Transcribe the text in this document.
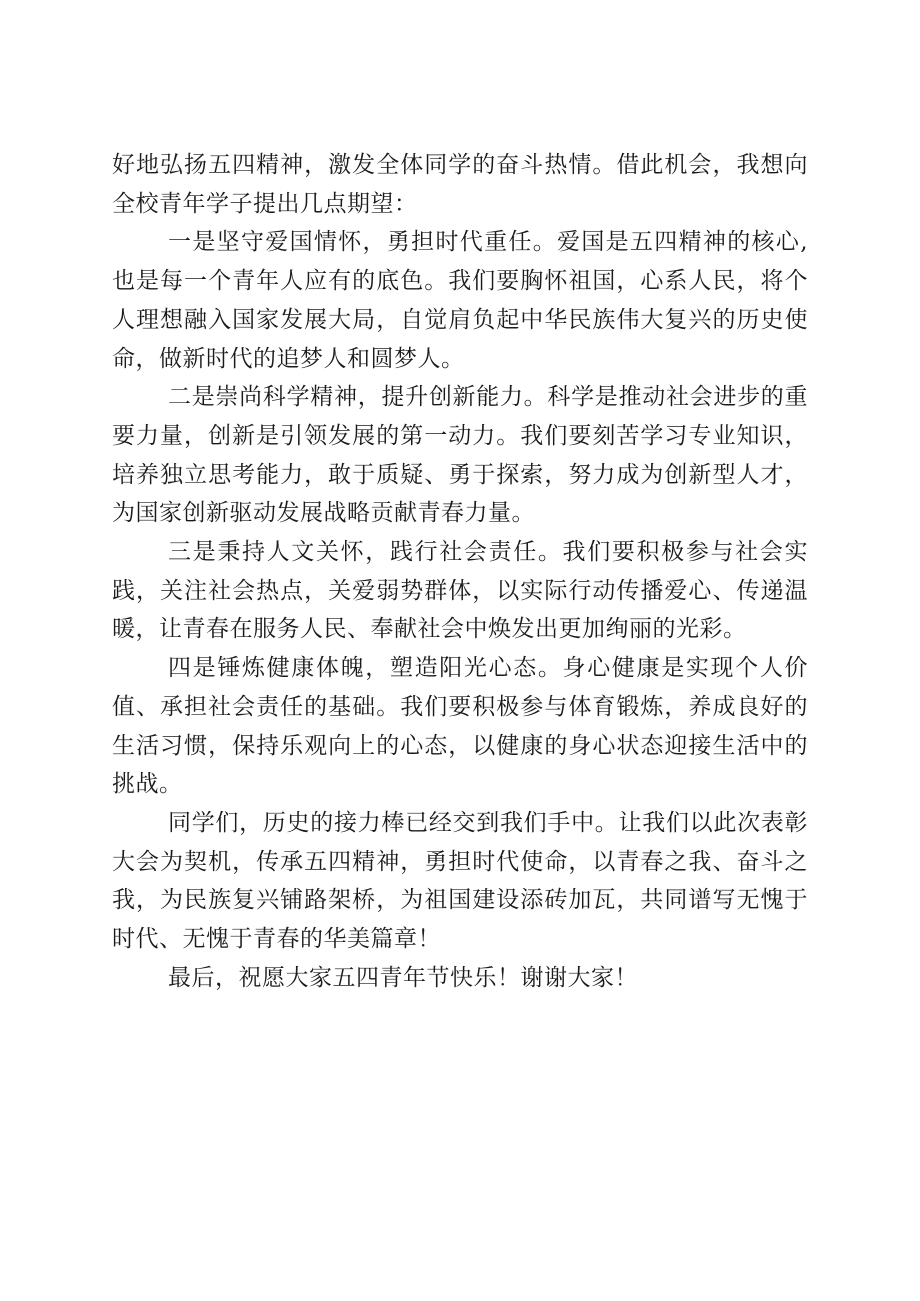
好地弘扬五四精神，激发全体同学的奋斗热情。借此机会，我想向全校青年学子提出几点期望：

一是坚守爱国情怀，勇担时代重任。爱国是五四精神的核心,也是每一个青年人应有的底色。我们要胸怀祖国，心系人民，将个人理想融入国家发展大局，自觉肩负起中华民族伟大复兴的历史使命，做新时代的追梦人和圆梦人。

二是崇尚科学精神，提升创新能力。科学是推动社会进步的重要力量，创新是引领发展的第一动力。我们要刻苦学习专业知识，培养独立思考能力，敢于质疑、勇于探索，努力成为创新型人才，为国家创新驱动发展战略贡献青春力量。

三是秉持人文关怀，践行社会责任。我们要积极参与社会实践，关注社会热点，关爱弱势群体，以实际行动传播爱心、传递温暖，让青春在服务人民、奉献社会中焕发出更加绚丽的光彩。

四是锤炼健康体魄，塑造阳光心态。身心健康是实现个人价值、承担社会责任的基础。我们要积极参与体育锻炼，养成良好的生活习惯，保持乐观向上的心态，以健康的身心状态迎接生活中的挑战。

同学们，历史的接力棒已经交到我们手中。让我们以此次表彰大会为契机，传承五四精神，勇担时代使命，以青春之我、奋斗之我，为民族复兴铺路架桥，为祖国建设添砖加瓦，共同谱写无愧于时代、无愧于青春的华美篇章！

最后，祝愿大家五四青年节快乐！谢谢大家！
